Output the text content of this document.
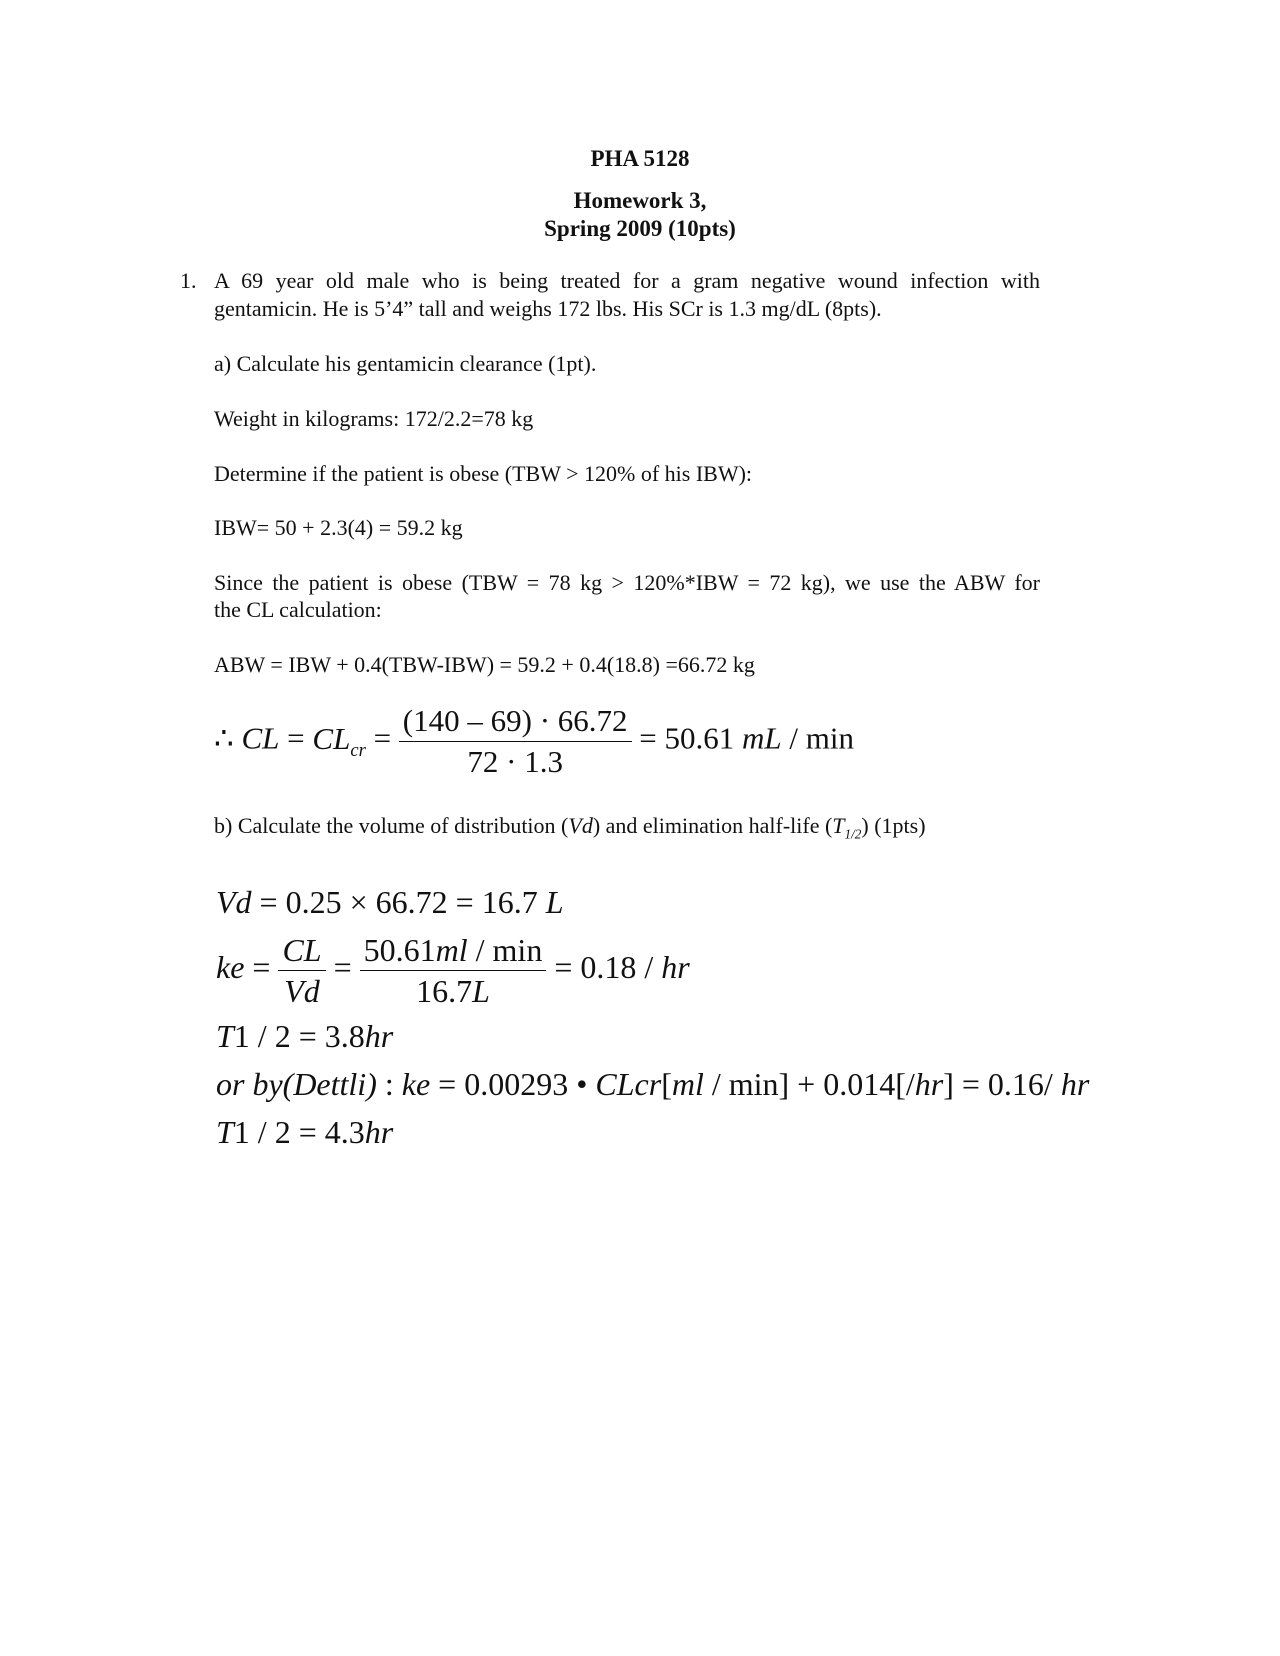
PHA 5128
Homework 3,
Spring 2009 (10pts)
1. A 69 year old male who is being treated for a gram negative wound infection with
gentamicin. He is 5’4” tall and weighs 172 lbs. His SCr is 1.3 mg/dL (8pts).
a) Calculate his gentamicin clearance (1pt).
Weight in kilograms: 172/2.2=78 kg
Determine if the patient is obese (TBW > 120% of his IBW):
IBW= 50 + 2.3(4) = 59.2 kg
Since the patient is obese (TBW = 78 kg > 120%*IBW = 72 kg), we use the ABW for
the CL calculation:
ABW = IBW + 0.4(TBW-IBW) = 59.2 + 0.4(18.8) =66.72 kg
∴ CL = $CL_{cr} = \frac{(140 - 69) \cdot 66.72}{72 \cdot 1.3} = 50.61$ mL / min
b) Calculate the volume of distribution (Vd) and elimination half-life $(T_{1/2})$ (1pts)
Vd = 0.25 × 66.72 = 16.7 L
ke = $\frac{CL}{Vd} = \frac{50.61ml / \min}{16.7L} = 0.18$ / hr
T1 / 2 = 3.8hr
or by(Dettli) : ke = 0.00293 • CLcr[ml / min] + 0.014[/hr] = 0.16/ hr
T1 / 2 = 4.3hr
